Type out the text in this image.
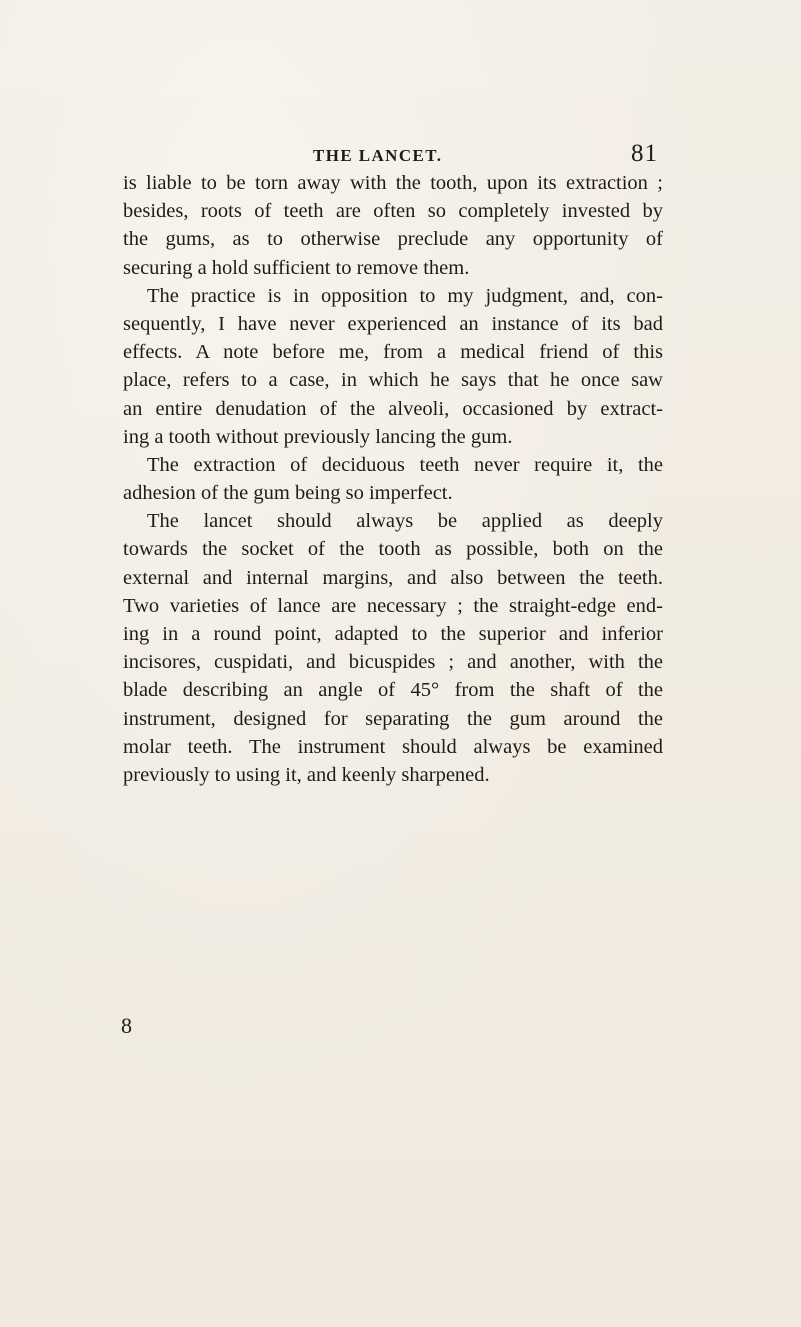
THE LANCET.	81
is liable to be torn away with the tooth, upon its extraction ;
besides, roots of teeth are often so completely invested by
the gums, as to otherwise preclude any opportunity of
securing a hold sufficient to remove them.
The practice is in opposition to my judgment, and, con-
sequently, I have never experienced an instance of its bad
effects. A note before me, from a medical friend of this
place, refers to a case, in which he says that he once saw
an entire denudation of the alveoli, occasioned by extract-
ing a tooth without previously lancing the gum.
The extraction of deciduous teeth never require it, the
adhesion of the gum being so imperfect.
The lancet should always be applied as deeply
towards the socket of the tooth as possible, both on the
external and internal margins, and also between the teeth.
Two varieties of lance are necessary ; the straight-edge end-
ing in a round point, adapted to the superior and inferior
incisores, cuspidati, and bicuspides ; and another, with the
blade describing an angle of 45° from the shaft of the
instrument, designed for separating the gum around the
molar teeth. The instrument should always be examined
previously to using it, and keenly sharpened.
8
